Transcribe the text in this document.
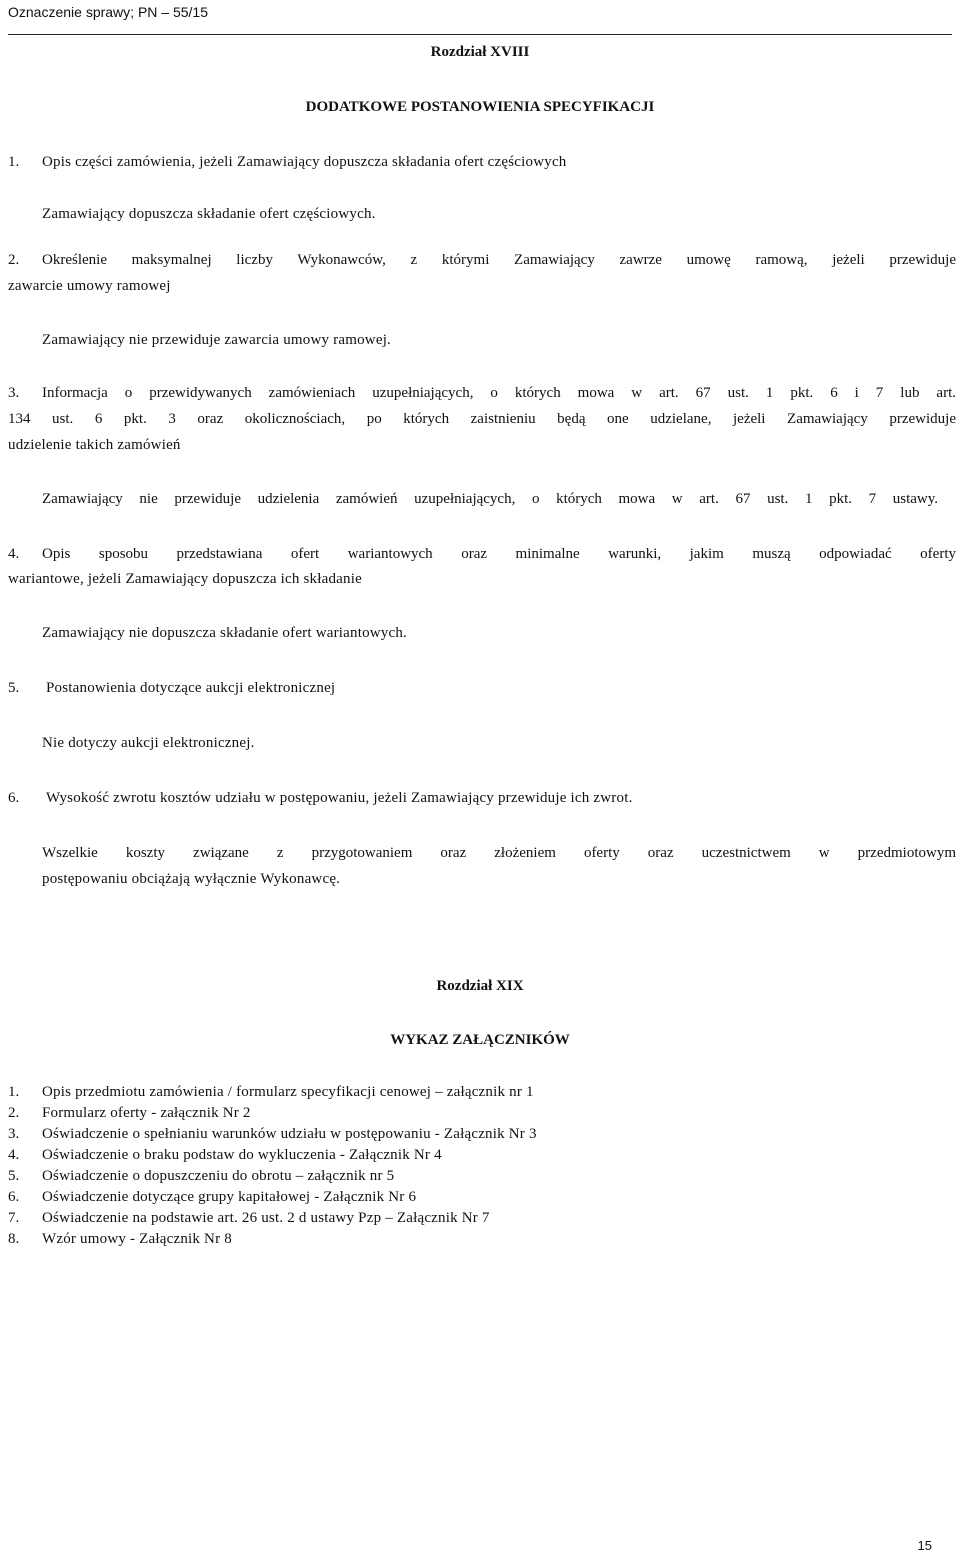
Oznaczenie sprawy; PN – 55/15
Rozdział XVIII
DODATKOWE POSTANOWIENIA SPECYFIKACJI
1. Opis części zamówienia, jeżeli Zamawiający dopuszcza składania ofert częściowych
Zamawiający dopuszcza składanie ofert częściowych.
2. Określenie maksymalnej liczby Wykonawców, z którymi Zamawiający zawrze umowę ramową, jeżeli przewiduje
zawarcie umowy ramowej
Zamawiający nie przewiduje zawarcia umowy ramowej.
3. Informacja o przewidywanych zamówieniach uzupełniających, o których mowa w art. 67 ust. 1 pkt. 6 i 7 lub art.
134 ust. 6 pkt. 3 oraz okolicznościach, po których zaistnieniu będą one udzielane, jeżeli Zamawiający przewiduje
udzielenie takich zamówień
Zamawiający nie przewiduje udzielenia zamówień uzupełniających, o których mowa w art. 67 ust. 1 pkt. 7 ustawy.
4. Opis sposobu przedstawiana ofert wariantowych oraz minimalne warunki, jakim muszą odpowiadać oferty
wariantowe, jeżeli Zamawiający dopuszcza ich składanie
Zamawiający nie dopuszcza składanie ofert wariantowych.
5. Postanowienia dotyczące aukcji elektronicznej
Nie dotyczy aukcji elektronicznej.
6. Wysokość zwrotu kosztów udziału w postępowaniu, jeżeli Zamawiający przewiduje ich zwrot.
Wszelkie koszty związane z przygotowaniem oraz złożeniem oferty oraz uczestnictwem w przedmiotowym
postępowaniu obciążają wyłącznie Wykonawcę.
Rozdział XIX
WYKAZ ZAŁĄCZNIKÓW
1. Opis przedmiotu zamówienia / formularz specyfikacji cenowej – załącznik nr 1
2. Formularz oferty - załącznik Nr 2
3. Oświadczenie o spełnianiu warunków udziału w postępowaniu - Załącznik Nr 3
4. Oświadczenie o braku podstaw do wykluczenia - Załącznik Nr 4
5. Oświadczenie o dopuszczeniu do obrotu – załącznik nr 5
6. Oświadczenie dotyczące grupy kapitałowej - Załącznik Nr 6
7. Oświadczenie na podstawie art. 26 ust. 2 d ustawy Pzp – Załącznik Nr 7
8. Wzór umowy - Załącznik Nr 8
15
